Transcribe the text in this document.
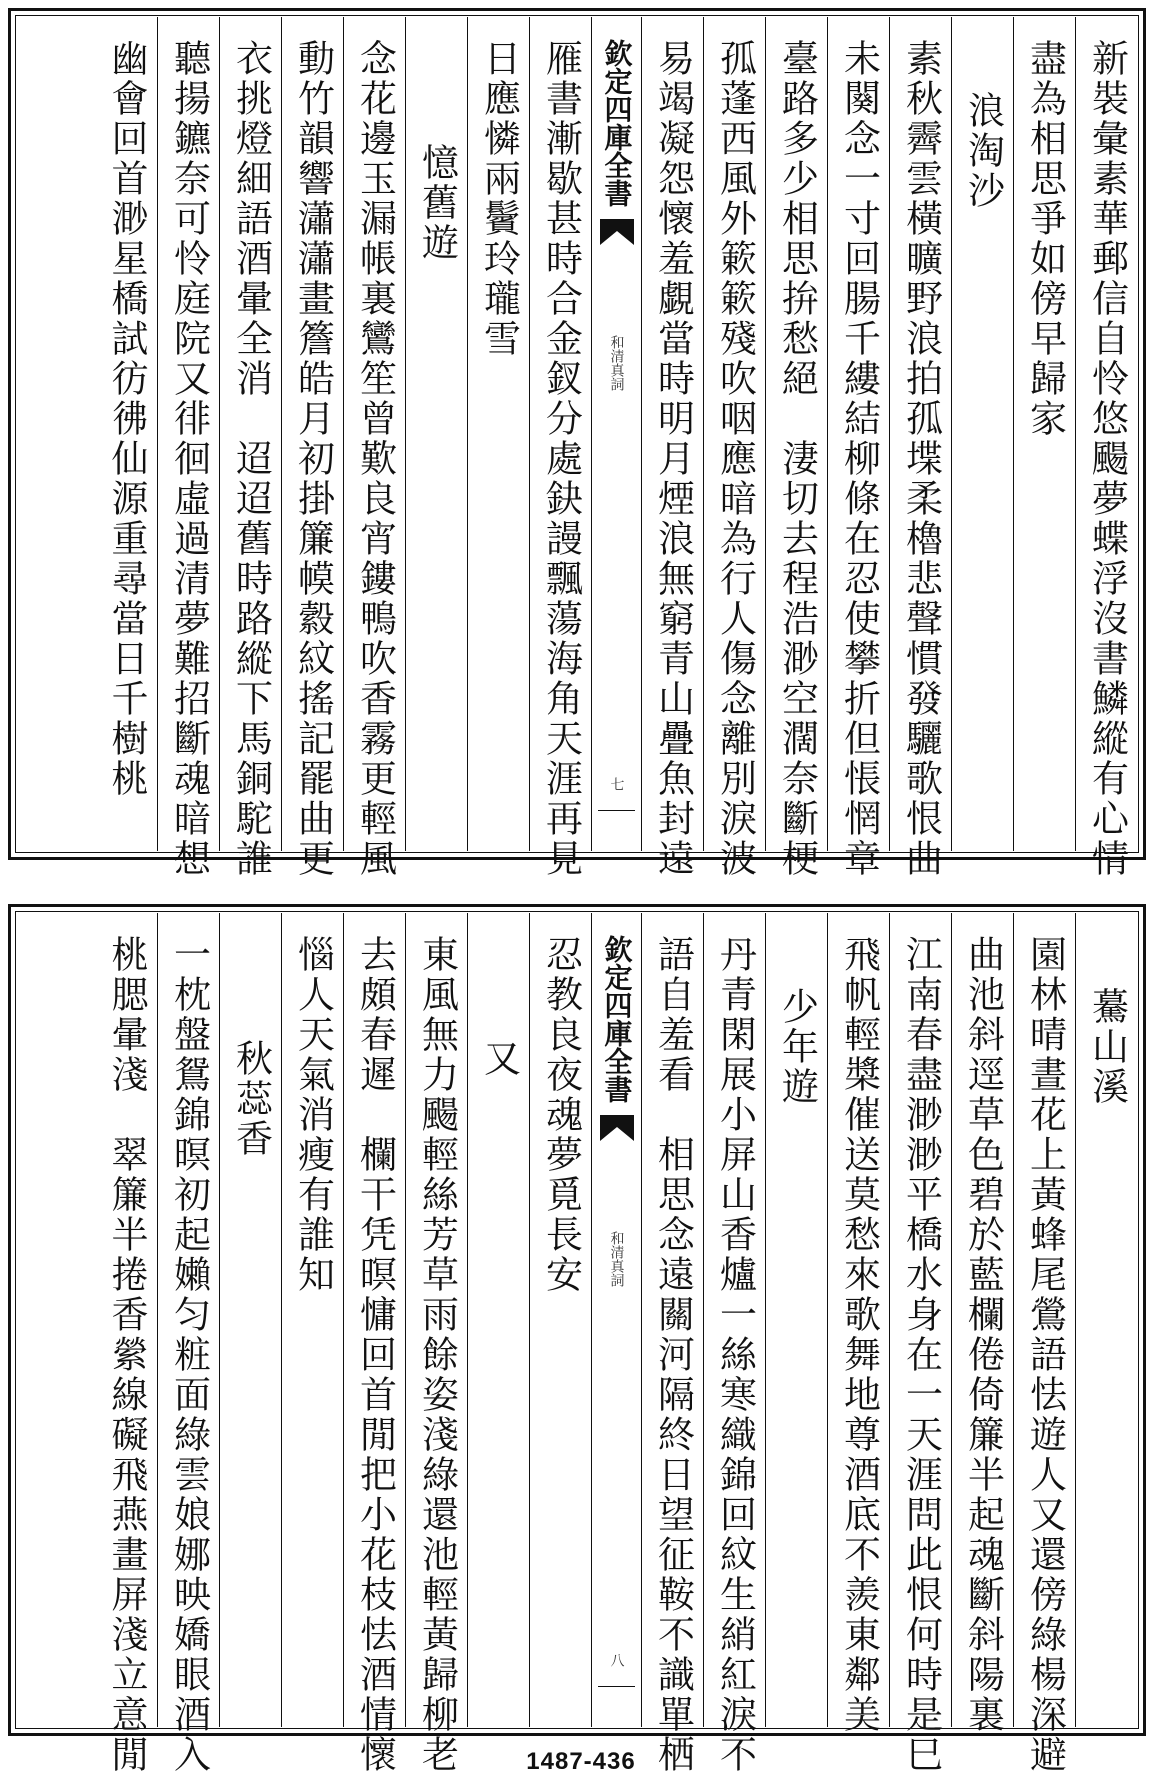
新裝彙素華郵信自怜悠颺夢蝶浮沒書鱗縱有心情
盡為相思爭如傍早歸家
浪淘沙
素秋霽雲橫曠野浪拍孤堞柔櫓悲聲慣發驪歌恨曲
未闋念一寸回腸千縷結柳條在忍使攀折但悵惘章
臺路多少相思拚愁絕　淒切去程浩渺空濶奈斷梗
孤蓬西風外簌簌殘吹咽應暗為行人傷念離別淚波
易竭凝怨懷羞覷當時明月煙浪無窮青山疊魚封遠
欽定四庫全書
和清真詞
七
雁書漸歇甚時合金釵分處鈌謾飄蕩海角天涯再見
日應憐兩鬢玲瓏雪
憶舊遊
念花邊玉漏帳裏鸞笙曾歎良宵鏤鴨吹香霧更輕風
動竹韻響瀟瀟畫簷皓月初掛簾幙縠紋搖記罷曲更
衣挑燈細語酒暈全消　迢迢舊時路縱下馬銅駝誰
聽揚鑣奈可怜庭院又徘徊虛過清夢難招斷魂暗想
幽會回首渺星橋試彷彿仙源重尋當日千樹桃
驀山溪
園林晴晝花上黃蜂尾鶯語怯遊人又還傍綠楊深避
曲池斜逕草色碧於藍欄倦倚簾半起魂斷斜陽裏
江南春盡渺渺平橋水身在一天涯問此恨何時是巳
飛帆輕槳催送莫愁來歌舞地尊酒底不羨東鄰美
少年遊
丹青閑展小屏山香爐一絲寒織錦回紋生綃紅淚不
語自羞看　相思念遠關河隔終日望征鞍不識單栖
欽定四庫全書
和清真詞
八
忍教良夜魂夢覓長安
又
東風無力颺輕絲芳草雨餘姿淺綠還池輕黃歸柳老
去頗春遲　欄干凭暝慵回首閒把小花枝怯酒情懷
惱人天氣消瘦有誰知
秋蕊香
一枕盤鴛錦暝初起嬾匀粧面綠雲娘娜映嬌眼酒入
桃腮暈淺　翠簾半捲香縈線礙飛燕畫屏淺立意閒	1487-436
